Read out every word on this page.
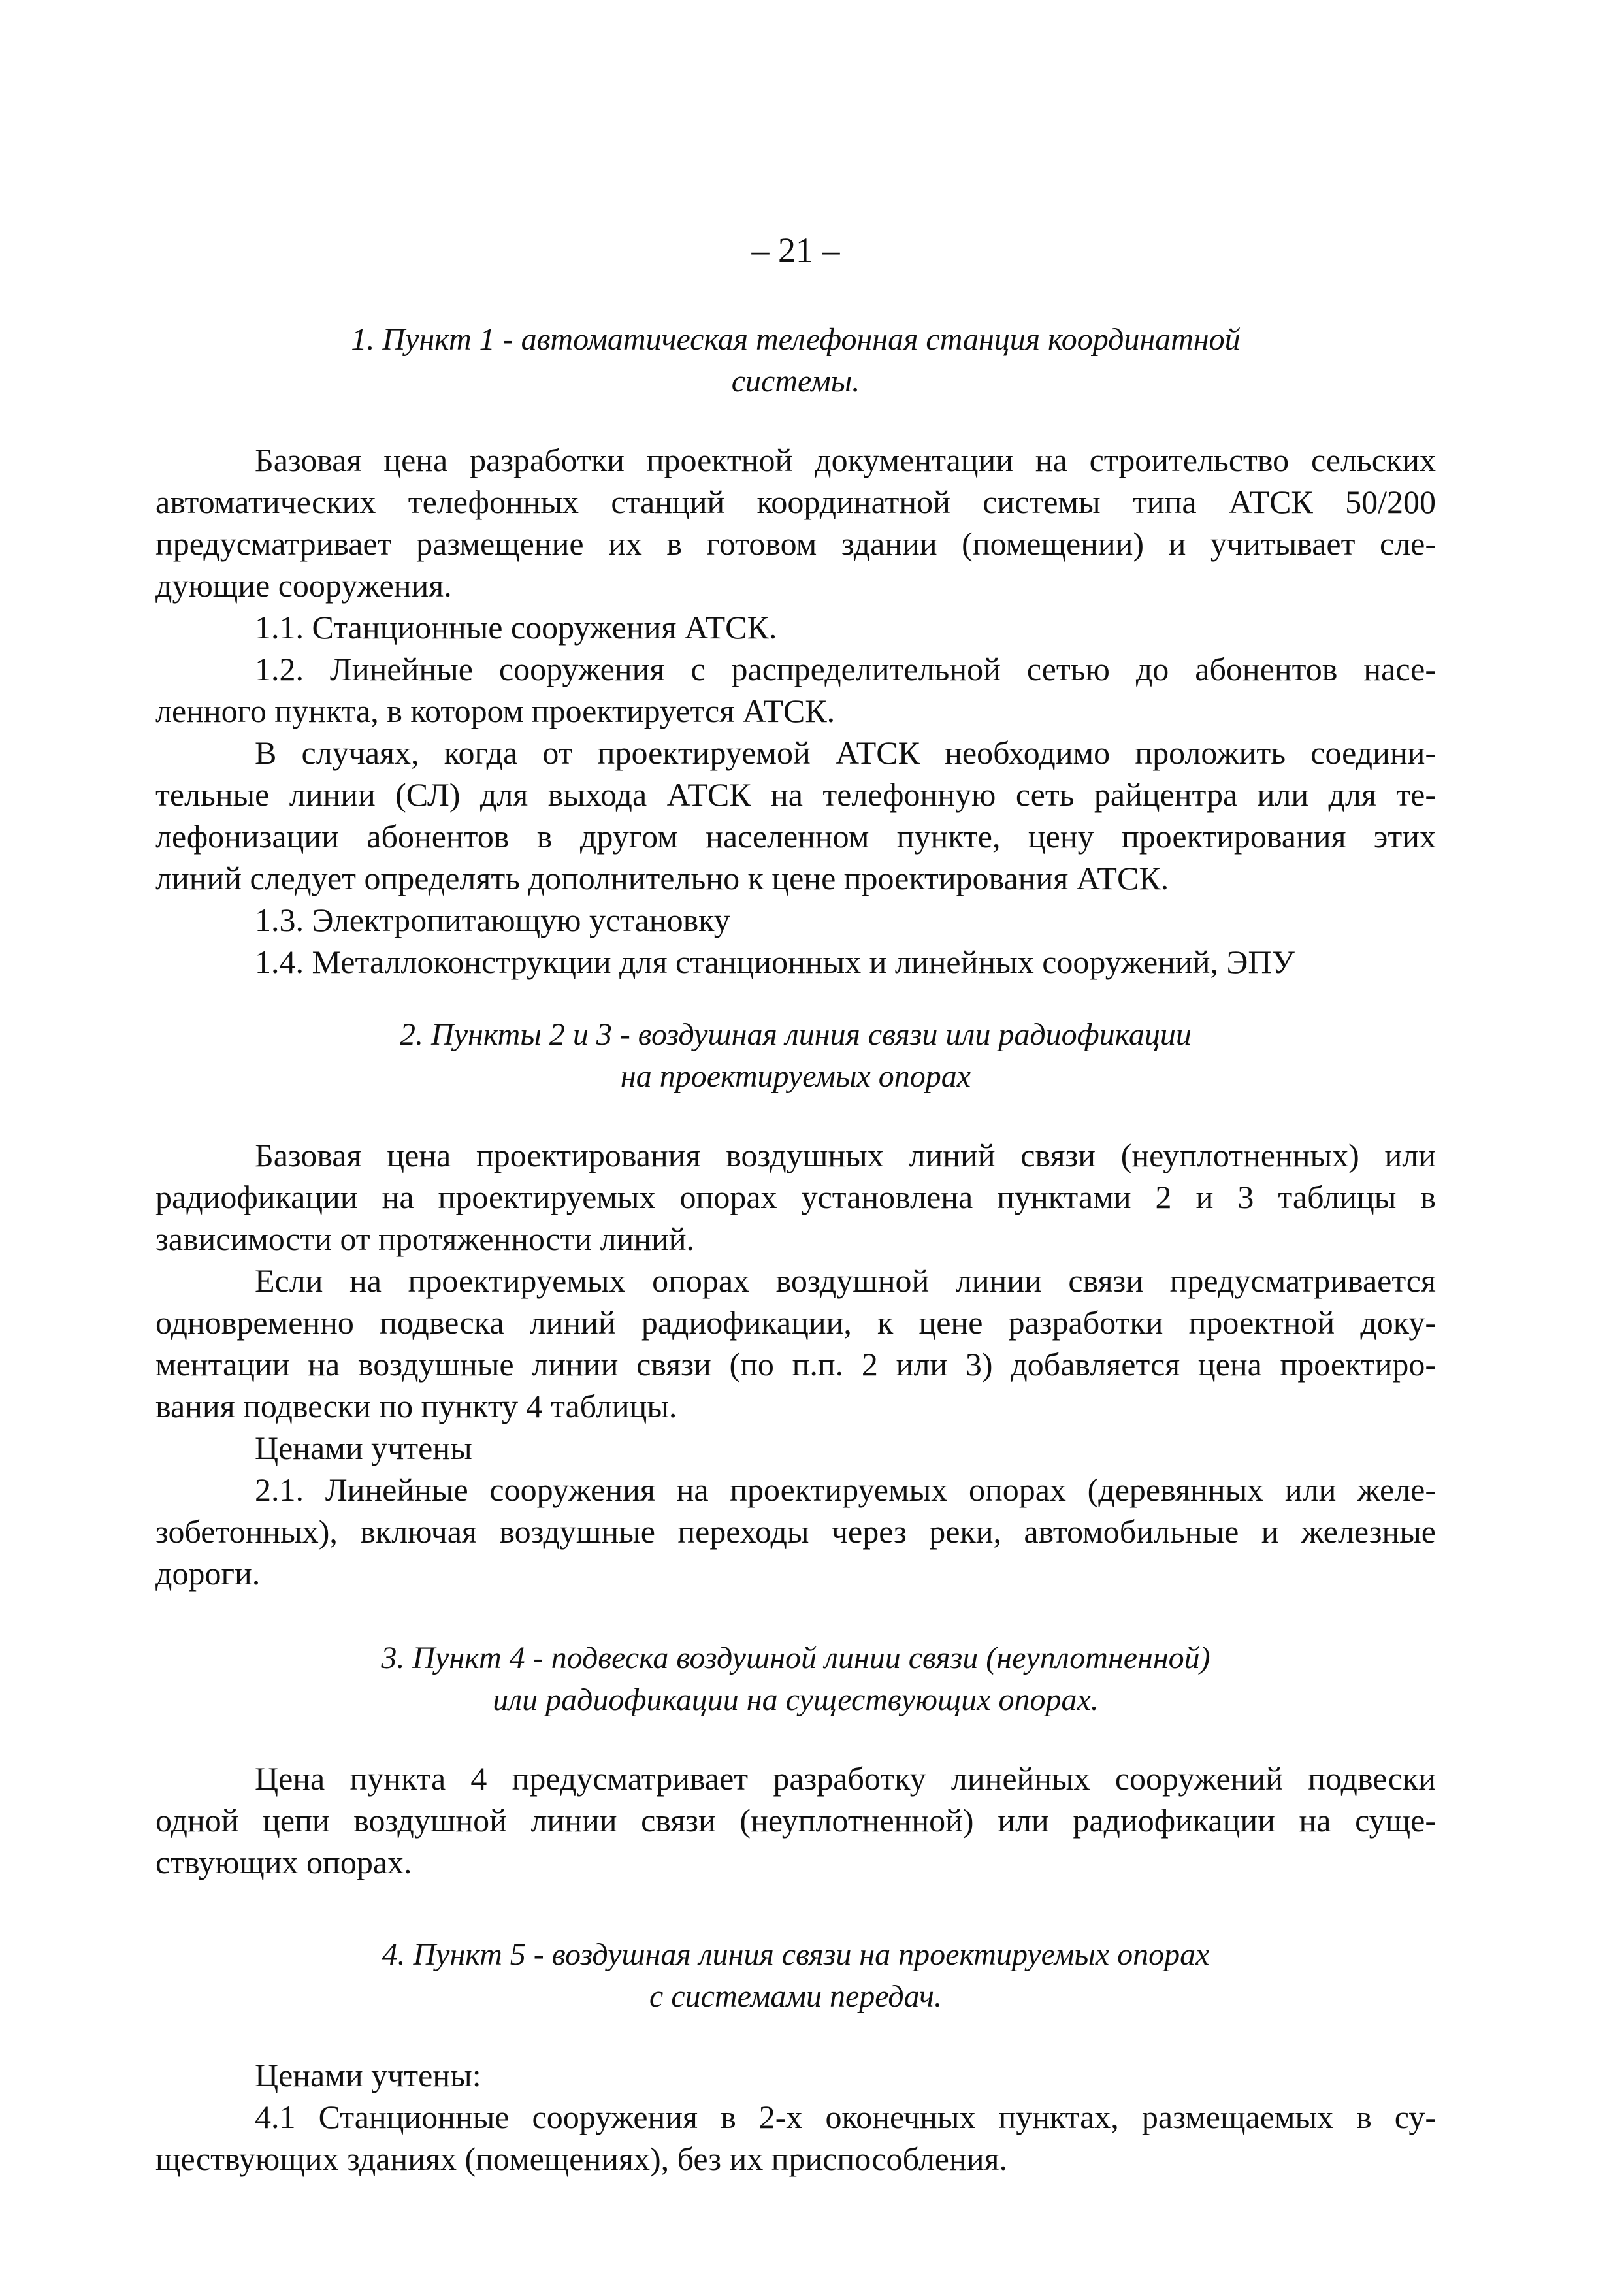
– 21 –
1. Пункт 1 - автоматическая телефонная станция координатной
системы.
Базовая цена разработки проектной документации на строительство сельских
автоматических телефонных станций координатной системы типа АТСК 50/200
предусматривает размещение их в готовом здании (помещении) и учитывает сле-
дующие сооружения.
1.1. Станционные сооружения АТСК.
1.2. Линейные сооружения с распределительной сетью до абонентов насе-
ленного пункта, в котором проектируется АТСК.
В случаях, когда от проектируемой АТСК необходимо проложить соедини-
тельные линии (СЛ) для выхода АТСК на телефонную сеть райцентра или для те-
лефонизации абонентов в другом населенном пункте, цену проектирования этих
линий следует определять дополнительно к цене проектирования АТСК.
1.3. Электропитающую установку
1.4. Металлоконструкции для станционных и линейных сооружений, ЭПУ
2. Пункты 2 и 3 - воздушная линия связи или радиофикации
на проектируемых опорах
Базовая цена проектирования воздушных линий связи (неуплотненных) или
радиофикации на проектируемых опорах установлена пунктами 2 и 3 таблицы в
зависимости от протяженности линий.
Если на проектируемых опорах воздушной линии связи предусматривается
одновременно подвеска линий радиофикации, к цене разработки проектной доку-
ментации на воздушные линии связи (по п.п. 2 или 3) добавляется цена проектиро-
вания подвески по пункту 4 таблицы.
Ценами учтены
2.1. Линейные сооружения на проектируемых опорах (деревянных или желе-
зобетонных), включая воздушные переходы через реки, автомобильные и железные
дороги.
3. Пункт 4 - подвеска воздушной линии связи (неуплотненной)
или радиофикации на существующих опорах.
Цена пункта 4 предусматривает разработку линейных сооружений подвески
одной цепи воздушной линии связи (неуплотненной) или радиофикации на суще-
ствующих опорах.
4. Пункт 5 - воздушная линия связи на проектируемых опорах
с системами передач.
Ценами учтены:
4.1 Станционные сооружения в 2-х оконечных пунктах, размещаемых в су-
ществующих зданиях (помещениях), без их приспособления.
